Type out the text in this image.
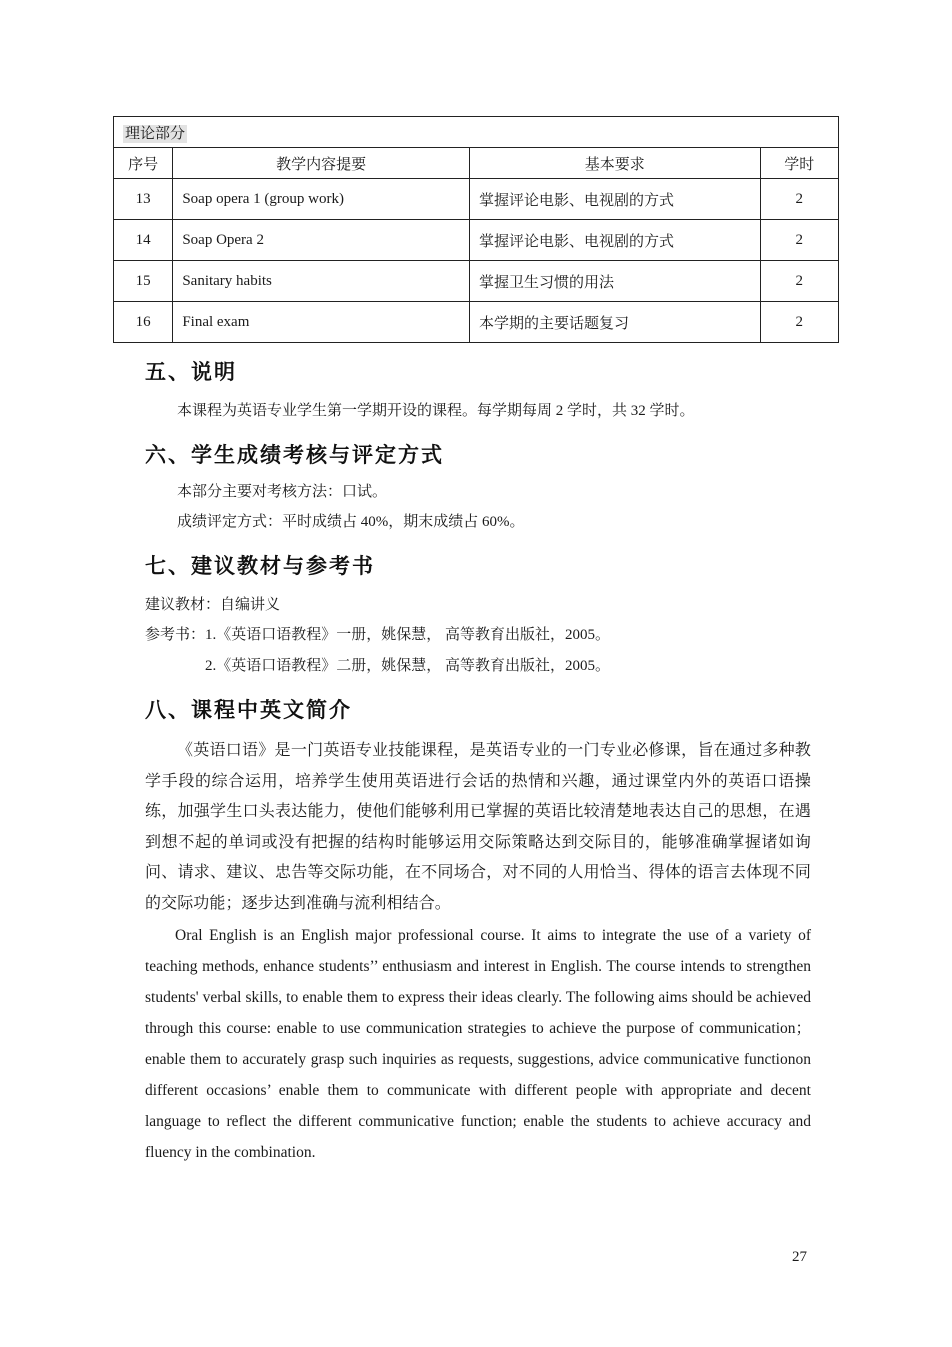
理论部分			
序号	教学内容提要	基本要求	学时
13	Soap opera 1 (group work)	掌握评论电影、电视剧的方式	2
14	Soap Opera 2	掌握评论电影、电视剧的方式	2
15	Sanitary habits	掌握卫生习惯的用法	2
16	Final exam	本学期的主要话题复习	2
五、说明

本课程为英语专业学生第一学期开设的课程。每学期每周 2 学时，共 32 学时。

六、学生成绩考核与评定方式

本部分主要对考核方法：口试。

成绩评定方式：平时成绩占 40%，期末成绩占 60%。

七、建议教材与参考书

建议教材：自编讲义

参考书：1.《英语口语教程》一册，姚保慧， 高等教育出版社，2005。

2.《英语口语教程》二册，姚保慧， 高等教育出版社，2005。

八、课程中英文简介

《英语口语》是一门英语专业技能课程，是英语专业的一门专业必修课，旨在通过多种教学手段的综合运用，培养学生使用英语进行会话的热情和兴趣，通过课堂内外的英语口语操练，加强学生口头表达能力，使他们能够利用已掌握的英语比较清楚地表达自己的思想，在遇到想不起的单词或没有把握的结构时能够运用交际策略达到交际目的，能够准确掌握诸如询问、请求、建议、忠告等交际功能，在不同场合，对不同的人用恰当、得体的语言去体现不同的交际功能；逐步达到准确与流利相结合。

Oral English is an English major professional course. It aims to integrate the use of a variety of teaching methods, enhance students’’ enthusiasm and interest in English. The course intends to strengthen students' verbal skills, to enable them to express their ideas clearly. The following aims should be achieved through this course: enable to use communication strategies to achieve the purpose of communication；enable them to accurately grasp such inquiries as requests, suggestions, advice communicative functionon different occasions’ enable them to communicate with different people with appropriate and decent language to reflect the different communicative function; enable the students to achieve accuracy and fluency in the combination.

27
